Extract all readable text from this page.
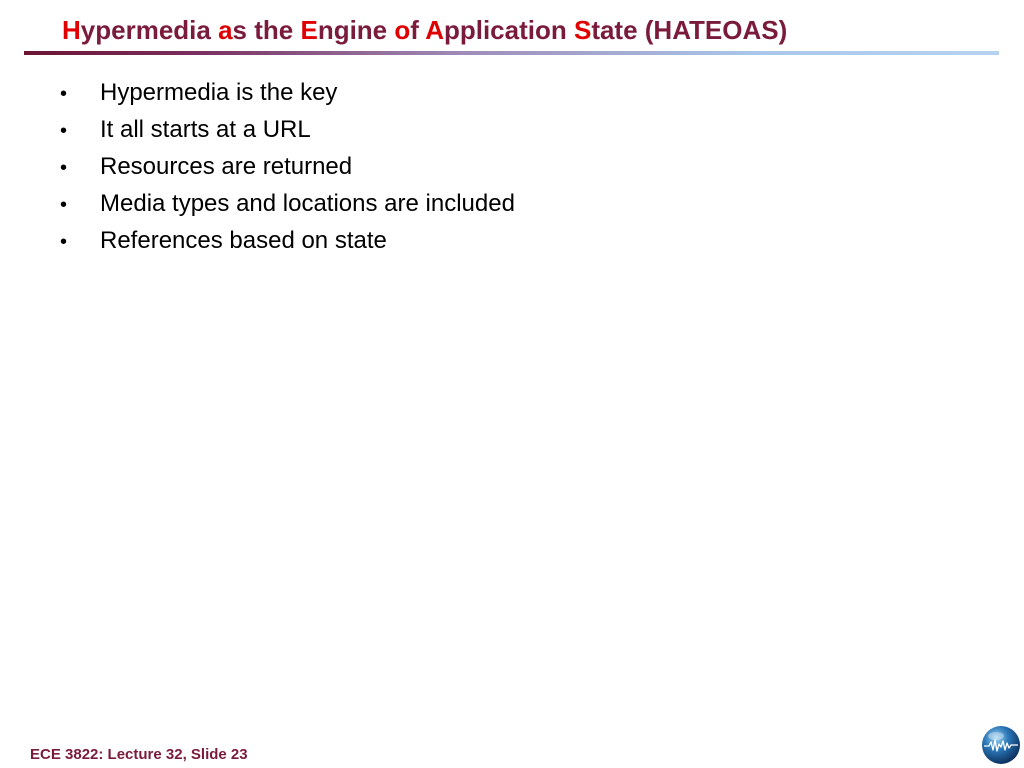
Hypermedia as the Engine of Application State (HATEOAS)
• Hypermedia is the key
• It all starts at a URL
• Resources are returned
• Media types and locations are included
• References based on state
ECE 3822: Lecture 32, Slide 23
